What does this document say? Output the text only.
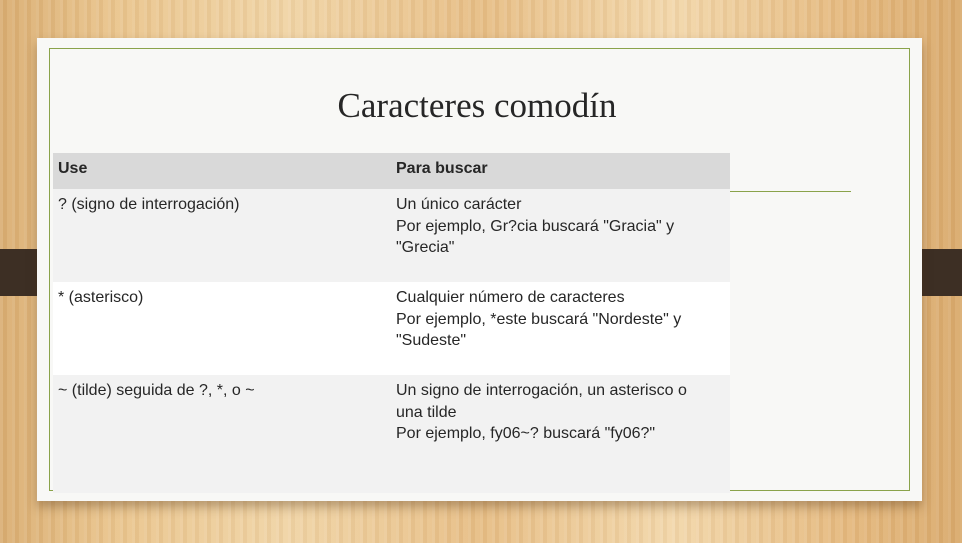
Caracteres comodín
Use	Para buscar
? (signo de interrogación)	Un único carácter
Por ejemplo, Gr?cia buscará "Gracia" y
"Grecia"
* (asterisco)	Cualquier número de caracteres
Por ejemplo, *este buscará "Nordeste" y
"Sudeste"
~ (tilde) seguida de ?, *, o ~	Un signo de interrogación, un asterisco o
una tilde
Por ejemplo, fy06~? buscará "fy06?"
